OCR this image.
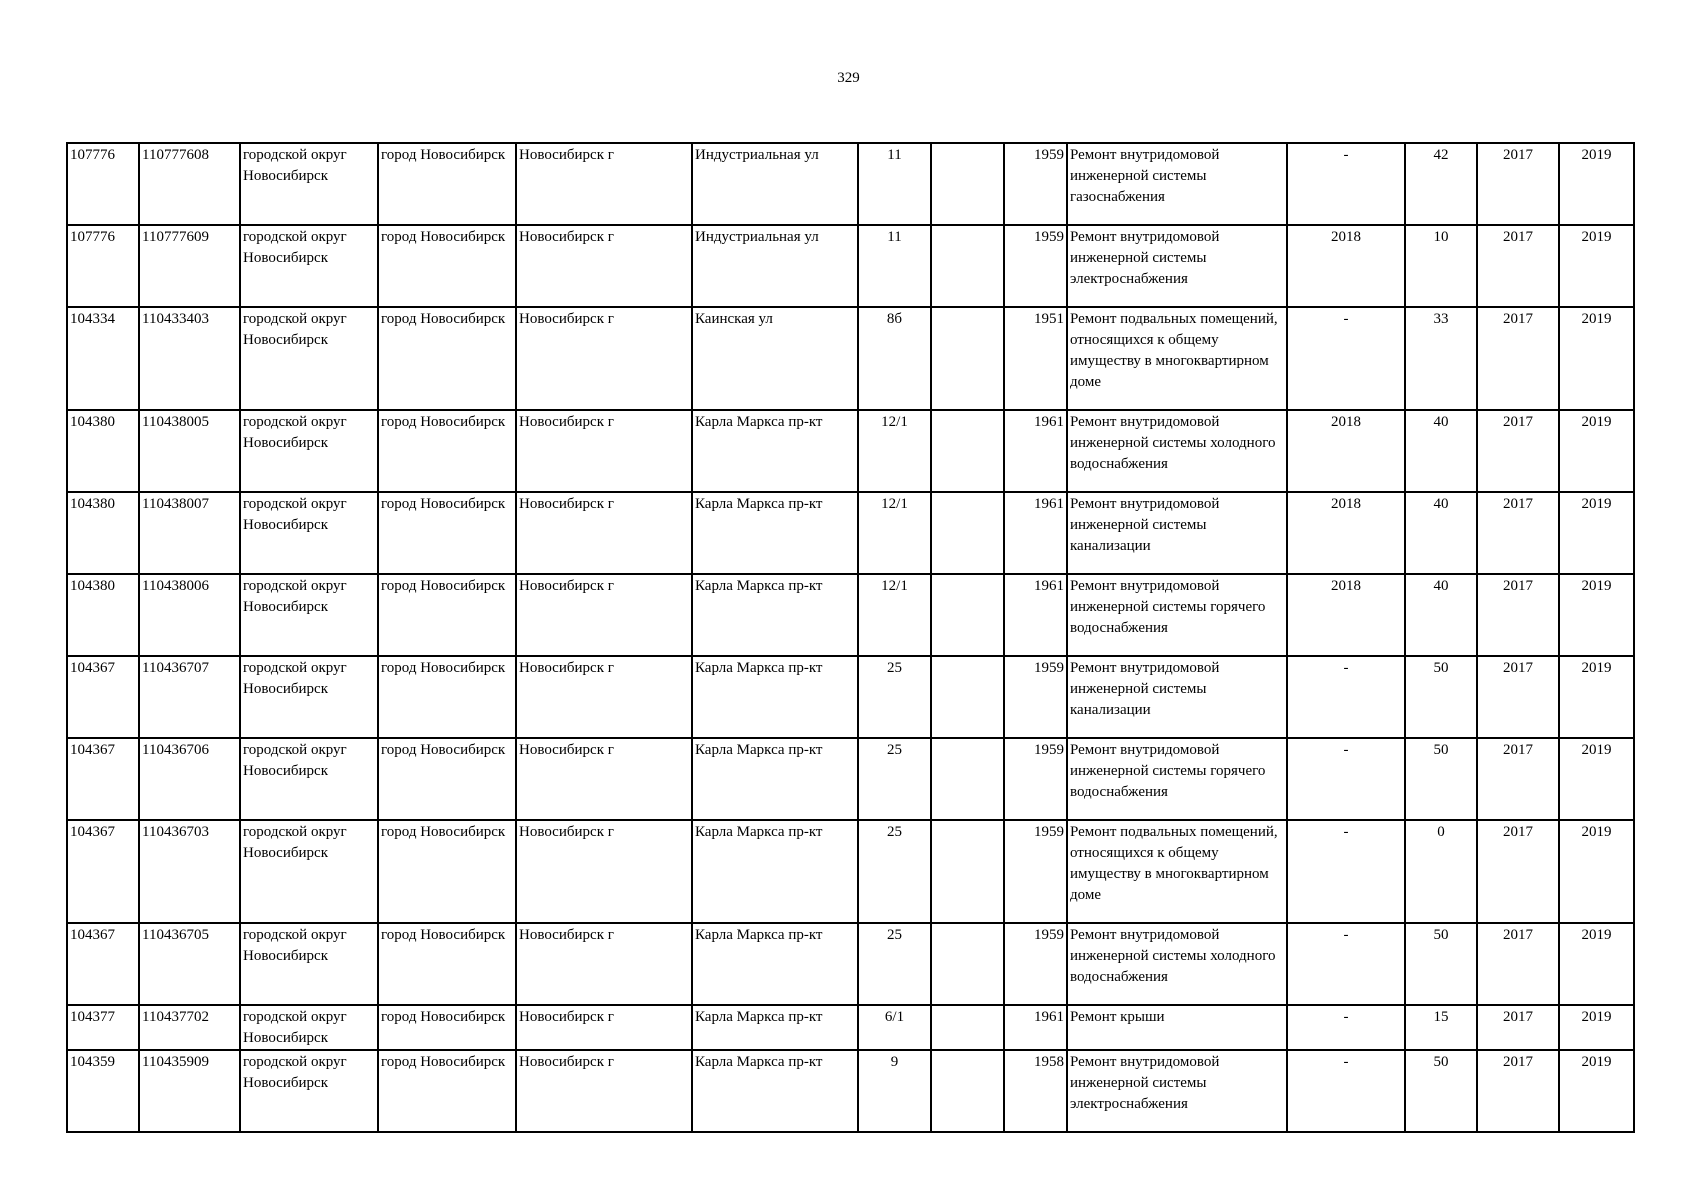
329
107776	110777608	городской округ Новосибирск	город Новосибирск	Новосибирск г	Индустриальная ул	11		1959	Ремонт внутридомовой инженерной системы газоснабжения	-	42	2017	2019
107776	110777609	городской округ Новосибирск	город Новосибирск	Новосибирск г	Индустриальная ул	11		1959	Ремонт внутридомовой инженерной системы электроснабжения	2018	10	2017	2019
104334	110433403	городской округ Новосибирск	город Новосибирск	Новосибирск г	Каинская ул	8б		1951	Ремонт подвальных помещений, относящихся к общему имуществу в многоквартирном доме	-	33	2017	2019
104380	110438005	городской округ Новосибирск	город Новосибирск	Новосибирск г	Карла Маркса пр-кт	12/1		1961	Ремонт внутридомовой инженерной системы холодного водоснабжения	2018	40	2017	2019
104380	110438007	городской округ Новосибирск	город Новосибирск	Новосибирск г	Карла Маркса пр-кт	12/1		1961	Ремонт внутридомовой инженерной системы канализации	2018	40	2017	2019
104380	110438006	городской округ Новосибирск	город Новосибирск	Новосибирск г	Карла Маркса пр-кт	12/1		1961	Ремонт внутридомовой инженерной системы горячего водоснабжения	2018	40	2017	2019
104367	110436707	городской округ Новосибирск	город Новосибирск	Новосибирск г	Карла Маркса пр-кт	25		1959	Ремонт внутридомовой инженерной системы канализации	-	50	2017	2019
104367	110436706	городской округ Новосибирск	город Новосибирск	Новосибирск г	Карла Маркса пр-кт	25		1959	Ремонт внутридомовой инженерной системы горячего водоснабжения	-	50	2017	2019
104367	110436703	городской округ Новосибирск	город Новосибирск	Новосибирск г	Карла Маркса пр-кт	25		1959	Ремонт подвальных помещений, относящихся к общему имуществу в многоквартирном доме	-	0	2017	2019
104367	110436705	городской округ Новосибирск	город Новосибирск	Новосибирск г	Карла Маркса пр-кт	25		1959	Ремонт внутридомовой инженерной системы холодного водоснабжения	-	50	2017	2019
104377	110437702	городской округ Новосибирск	город Новосибирск	Новосибирск г	Карла Маркса пр-кт	6/1		1961	Ремонт крыши	-	15	2017	2019
104359	110435909	городской округ Новосибирск	город Новосибирск	Новосибирск г	Карла Маркса пр-кт	9		1958	Ремонт внутридомовой инженерной системы электроснабжения	-	50	2017	2019
